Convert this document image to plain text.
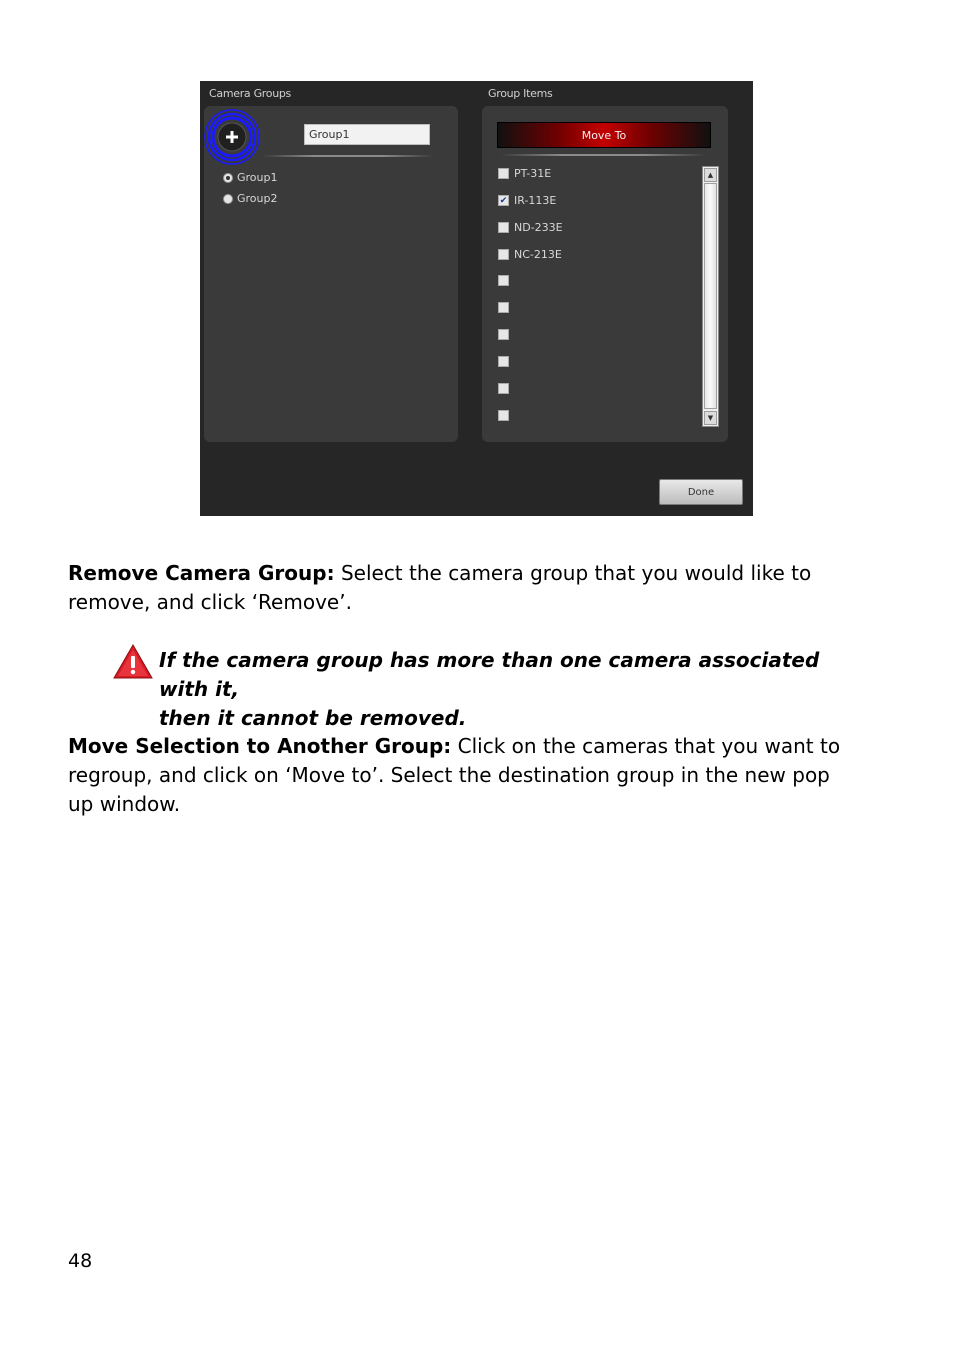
Camera Groups	Group Items
Group1
Group1
Group2
Move To
PT-31E
✔ IR-113E
ND-233E
NC-213E
▲
▼
Done
Remove Camera Group: Select the camera group that you would like to remove, and click ‘Remove’.
If the camera group has more than one camera associated with it,
then it cannot be removed.
Move Selection to Another Group: Click on the cameras that you want to regroup, and click on ‘Move to’. Select the destination group in the new pop up window.
48
